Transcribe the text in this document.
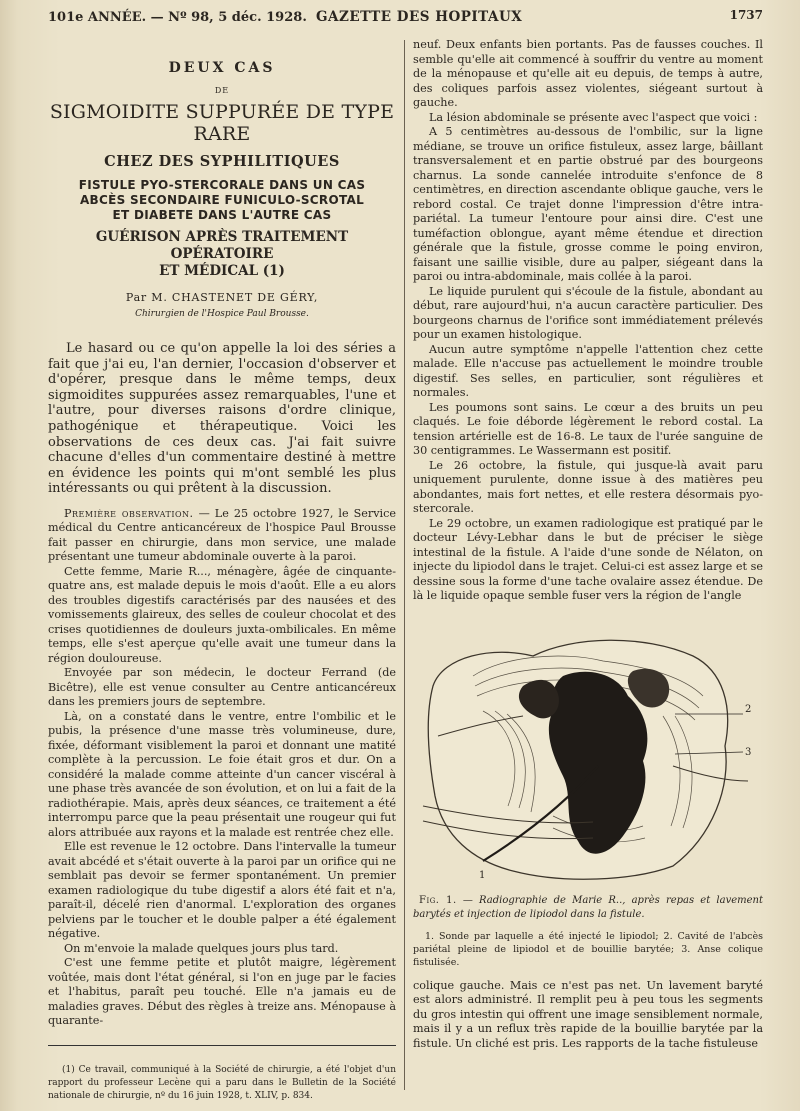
101e ANNÉE. — Nº 98, 5 déc. 1928. GAZETTE DES HOPITAUX	1737
DEUX CAS
DE
SIGMOIDITE SUPPURÉE DE TYPE RARE
CHEZ DES SYPHILITIQUES
FISTULE PYO-STERCORALE DANS UN CAS
ABCÈS SECONDAIRE FUNICULO-SCROTAL
ET DIABETE DANS L'AUTRE CAS
GUÉRISON APRÈS TRAITEMENT OPÉRATOIRE
ET MÉDICAL (1)
Par M. CHASTENET DE GÉRY,
Chirurgien de l'Hospice Paul Brousse.

Le hasard ou ce qu'on appelle la loi des séries a fait que j'ai eu, l'an dernier, l'occasion d'observer et d'opérer, presque dans le même temps, deux sigmoidites suppurées assez remarquables, l'une et l'autre, pour diverses raisons d'ordre clinique, pathogénique et thérapeutique. Voici les observations de ces deux cas. J'ai fait suivre chacune d'elles d'un commentaire destiné à mettre en évidence les points qui m'ont semblé les plus intéressants ou qui prêtent à la discussion.

Première observation. — Le 25 octobre 1927, le Service médical du Centre anticancéreux de l'hospice Paul Brousse fait passer en chirurgie, dans mon service, une malade présentant une tumeur abdominale ouverte à la paroi.

Cette femme, Marie R..., ménagère, âgée de cinquante-quatre ans, est malade depuis le mois d'août. Elle a eu alors des troubles digestifs caractérisés par des nausées et des vomissements glaireux, des selles de couleur chocolat et des crises quotidiennes de douleurs juxta-ombilicales. En même temps, elle s'est aperçue qu'elle avait une tumeur dans la région douloureuse.

Envoyée par son médecin, le docteur Ferrand (de Bicêtre), elle est venue consulter au Centre anticancéreux dans les premiers jours de septembre.

Là, on a constaté dans le ventre, entre l'ombilic et le pubis, la présence d'une masse très volumineuse, dure, fixée, déformant visiblement la paroi et donnant une matité complète à la percussion. Le foie était gros et dur. On a considéré la malade comme atteinte d'un cancer viscéral à une phase très avancée de son évolution, et on lui a fait de la radiothérapie. Mais, après deux séances, ce traitement a été interrompu parce que la peau présentait une rougeur qui fut alors attribuée aux rayons et la malade est rentrée chez elle.

Elle est revenue le 12 octobre. Dans l'intervalle la tumeur avait abcédé et s'était ouverte à la paroi par un orifice qui ne semblait pas devoir se fermer spontanément. Un premier examen radiologique du tube digestif a alors été fait et n'a, paraît-il, décelé rien d'anormal. L'exploration des organes pelviens par le toucher et le double palper a été également négative.

On m'envoie la malade quelques jours plus tard.

C'est une femme petite et plutôt maigre, légèrement voûtée, mais dont l'état général, si l'on en juge par le facies et l'habitus, paraît peu touché. Elle n'a jamais eu de maladies graves. Début des règles à treize ans. Ménopause à quarante-

(1) Ce travail, communiqué à la Société de chirurgie, a été l'objet d'un rapport du professeur Lecène qui a paru dans le Bulletin de la Société nationale de chirurgie, nº du 16 juin 1928, t. XLIV, p. 834.

neuf. Deux enfants bien portants. Pas de fausses couches. Il semble qu'elle ait commencé à souffrir du ventre au moment de la ménopause et qu'elle ait eu depuis, de temps à autre, des coliques parfois assez violentes, siégeant surtout à gauche.

La lésion abdominale se présente avec l'aspect que voici :

A 5 centimètres au-dessous de l'ombilic, sur la ligne médiane, se trouve un orifice fistuleux, assez large, bâillant transversalement et en partie obstrué par des bourgeons charnus. La sonde cannelée introduite s'enfonce de 8 centimètres, en direction ascendante oblique gauche, vers le rebord costal. Ce trajet donne l'impression d'être intra-pariétal. La tumeur l'entoure pour ainsi dire. C'est une tuméfaction oblongue, ayant même étendue et direction générale que la fistule, grosse comme le poing environ, faisant une saillie visible, dure au palper, siégeant dans la paroi ou intra-abdominale, mais collée à la paroi.

Le liquide purulent qui s'écoule de la fistule, abondant au début, rare aujourd'hui, n'a aucun caractère particulier. Des bourgeons charnus de l'orifice sont immédiatement prélevés pour un examen histologique.

Aucun autre symptôme n'appelle l'attention chez cette malade. Elle n'accuse pas actuellement le moindre trouble digestif. Ses selles, en particulier, sont régulières et normales.

Les poumons sont sains. Le cœur a des bruits un peu claqués. Le foie déborde légèrement le rebord costal. La tension artérielle est de 16-8. Le taux de l'urée sanguine de 30 centigrammes. Le Wassermann est positif.

Le 26 octobre, la fistule, qui jusque-là avait paru uniquement purulente, donne issue à des matières peu abondantes, mais fort nettes, et elle restera désormais pyo-stercorale.

Le 29 octobre, un examen radiologique est pratiqué par le docteur Lévy-Lebhar dans le but de préciser le siège intestinal de la fistule. A l'aide d'une sonde de Nélaton, on injecte du lipiodol dans le trajet. Celui-ci est assez large et se dessine sous la forme d'une tache ovalaire assez étendue. De là le liquide opaque semble fuser vers la région de l'angle

2
3
1

Fig. 1. — Radiographie de Marie R.., après repas et lavement barytés et injection de lipiodol dans la fistule.

1. Sonde par laquelle a été injecté le lipiodol; 2. Cavité de l'abcès pariétal pleine de lipiodol et de bouillie barytée; 3. Anse colique fistulisée.

colique gauche. Mais ce n'est pas net. Un lavement baryté est alors administré. Il remplit peu à peu tous les segments du gros intestin qui offrent une image sensiblement normale, mais il y a un reflux très rapide de la bouillie barytée par la fistule. Un cliché est pris. Les rapports de la tache fistuleuse
